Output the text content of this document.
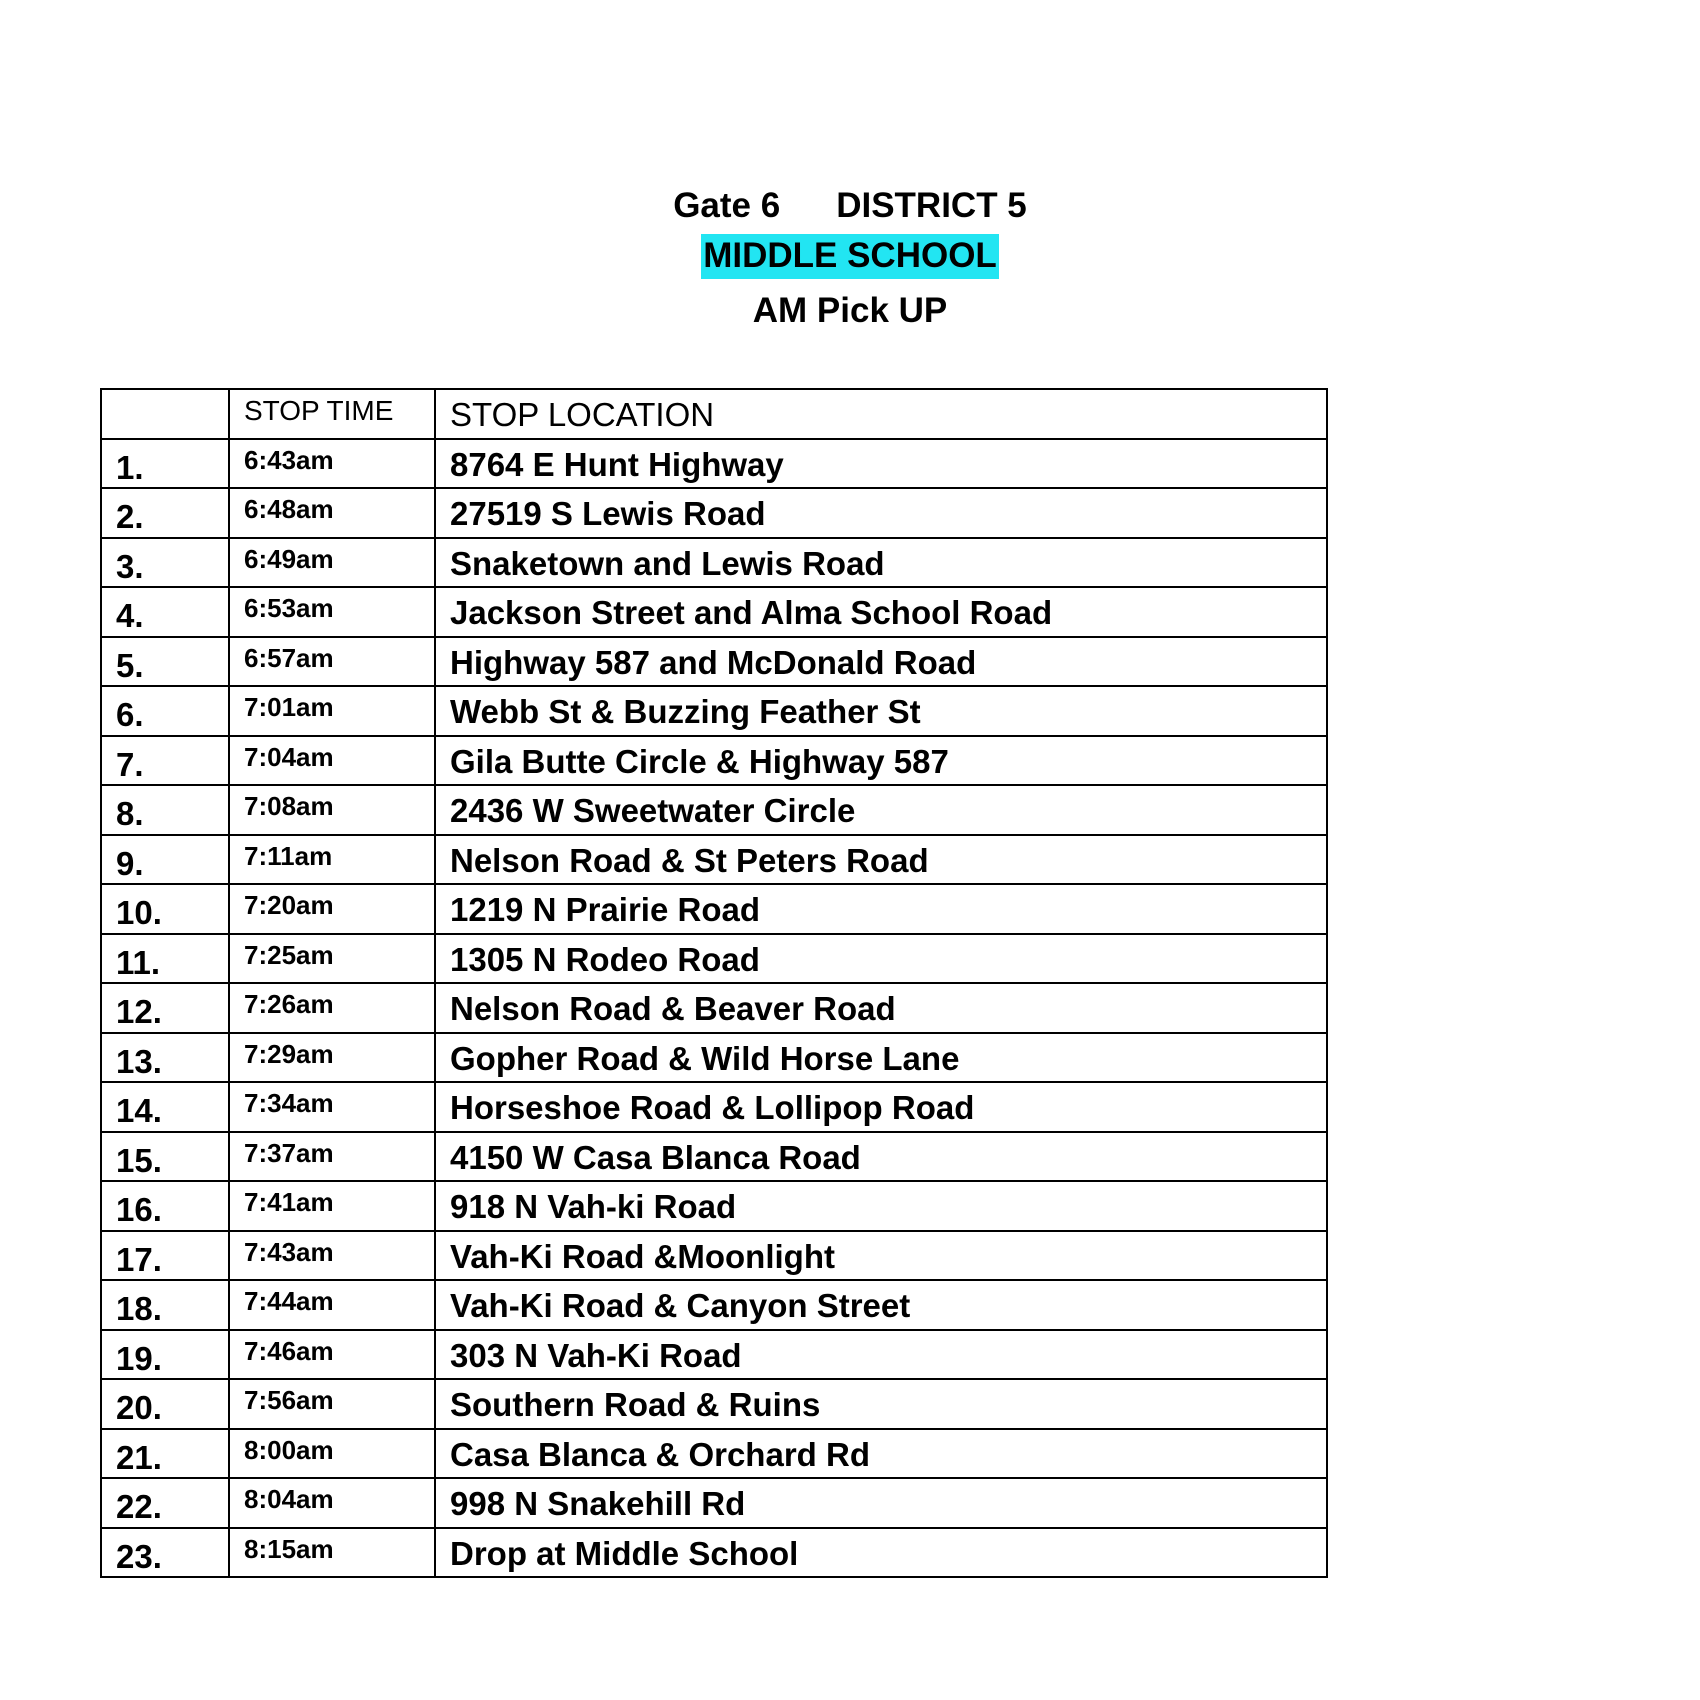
Gate 6 DISTRICT 5
MIDDLE SCHOOL
AM Pick UP
	STOP TIME	STOP LOCATION
1.	6:43am	8764 E Hunt Highway
2.	6:48am	27519 S Lewis Road
3.	6:49am	Snaketown and Lewis Road
4.	6:53am	Jackson Street and Alma School Road
5.	6:57am	Highway 587 and McDonald Road
6.	7:01am	Webb St & Buzzing Feather St
7.	7:04am	Gila Butte Circle & Highway 587
8.	7:08am	2436 W Sweetwater Circle
9.	7:11am	Nelson Road & St Peters Road
10.	7:20am	1219 N Prairie Road
11.	7:25am	1305 N Rodeo Road
12.	7:26am	Nelson Road & Beaver Road
13.	7:29am	Gopher Road & Wild Horse Lane
14.	7:34am	Horseshoe Road & Lollipop Road
15.	7:37am	4150 W Casa Blanca Road
16.	7:41am	918 N Vah-ki Road
17.	7:43am	Vah-Ki Road &Moonlight
18.	7:44am	Vah-Ki Road & Canyon Street
19.	7:46am	303 N Vah-Ki Road
20.	7:56am	Southern Road & Ruins
21.	8:00am	Casa Blanca & Orchard Rd
22.	8:04am	998 N Snakehill Rd
23.	8:15am	Drop at Middle School
